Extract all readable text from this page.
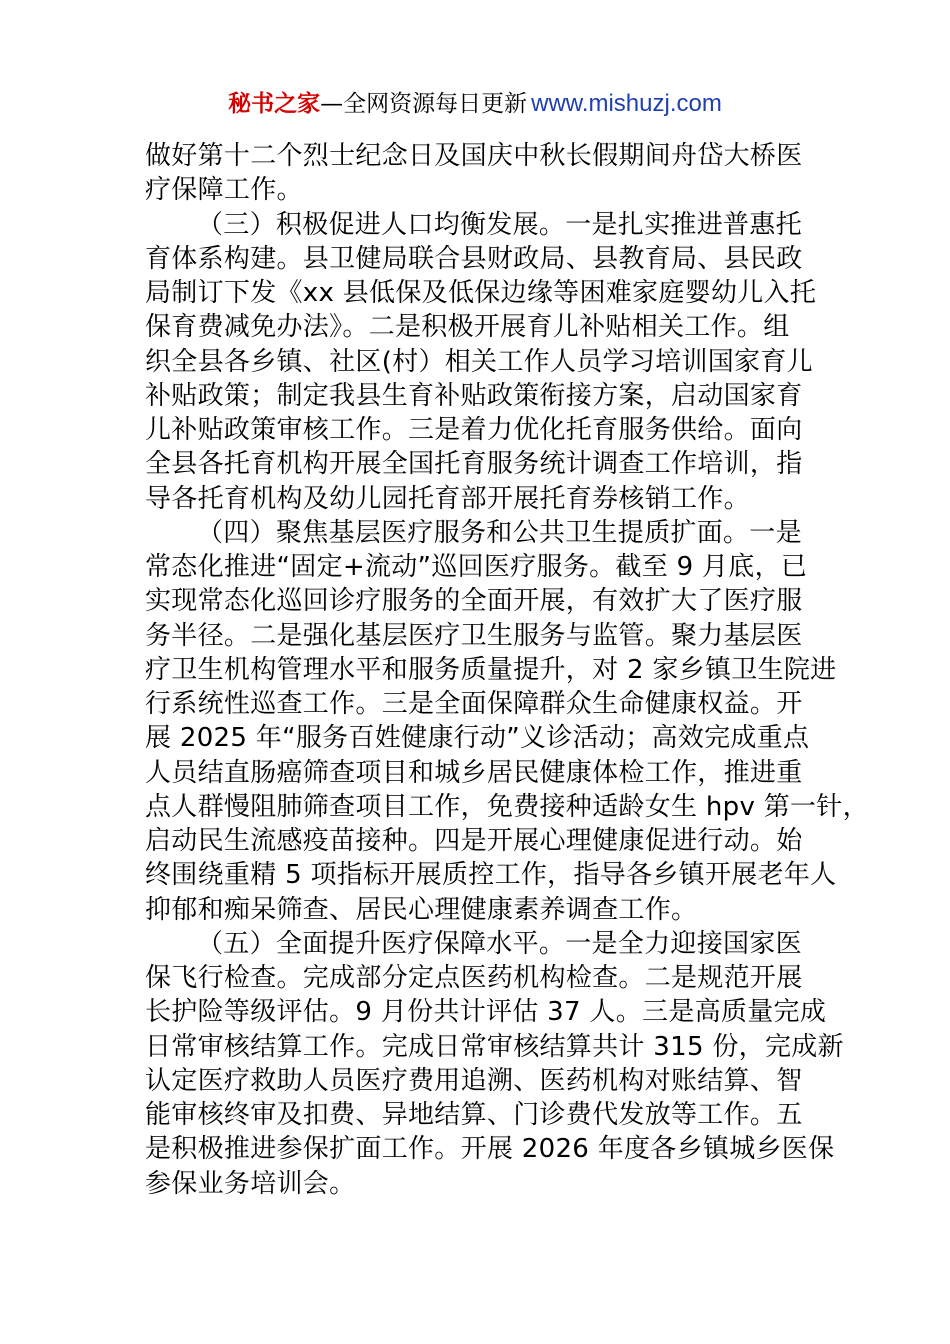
秘书之家—全网资源每日更新 www.mishuzj.com
做好第十二个烈士纪念日及国庆中秋长假期间舟岱大桥医
疗保障工作。
（三）积极促进人口均衡发展。一是扎实推进普惠托
育体系构建。县卫健局联合县财政局、县教育局、县民政
局制订下发《xx 县低保及低保边缘等困难家庭婴幼儿入托
保育费减免办法》。二是积极开展育儿补贴相关工作。组
织全县各乡镇、社区(村）相关工作人员学习培训国家育儿
补贴政策；制定我县生育补贴政策衔接方案，启动国家育
儿补贴政策审核工作。三是着力优化托育服务供给。面向
全县各托育机构开展全国托育服务统计调查工作培训，指
导各托育机构及幼儿园托育部开展托育券核销工作。
（四）聚焦基层医疗服务和公共卫生提质扩面。一是
常态化推进“固定+流动”巡回医疗服务。截至 9 月底，已
实现常态化巡回诊疗服务的全面开展，有效扩大了医疗服
务半径。二是强化基层医疗卫生服务与监管。聚力基层医
疗卫生机构管理水平和服务质量提升，对 2 家乡镇卫生院进
行系统性巡查工作。三是全面保障群众生命健康权益。开
展 2025 年“服务百姓健康行动”义诊活动；高效完成重点
人员结直肠癌筛查项目和城乡居民健康体检工作，推进重
点人群慢阻肺筛查项目工作，免费接种适龄女生 hpv 第一针，
启动民生流感疫苗接种。四是开展心理健康促进行动。始
终围绕重精 5 项指标开展质控工作，指导各乡镇开展老年人
抑郁和痴呆筛查、居民心理健康素养调查工作。
（五）全面提升医疗保障水平。一是全力迎接国家医
保飞行检查。完成部分定点医药机构检查。二是规范开展
长护险等级评估。9 月份共计评估 37 人。三是高质量完成
日常审核结算工作。完成日常审核结算共计 315 份，完成新
认定医疗救助人员医疗费用追溯、医药机构对账结算、智
能审核终审及扣费、异地结算、门诊费代发放等工作。五
是积极推进参保扩面工作。开展 2026 年度各乡镇城乡医保
参保业务培训会。
